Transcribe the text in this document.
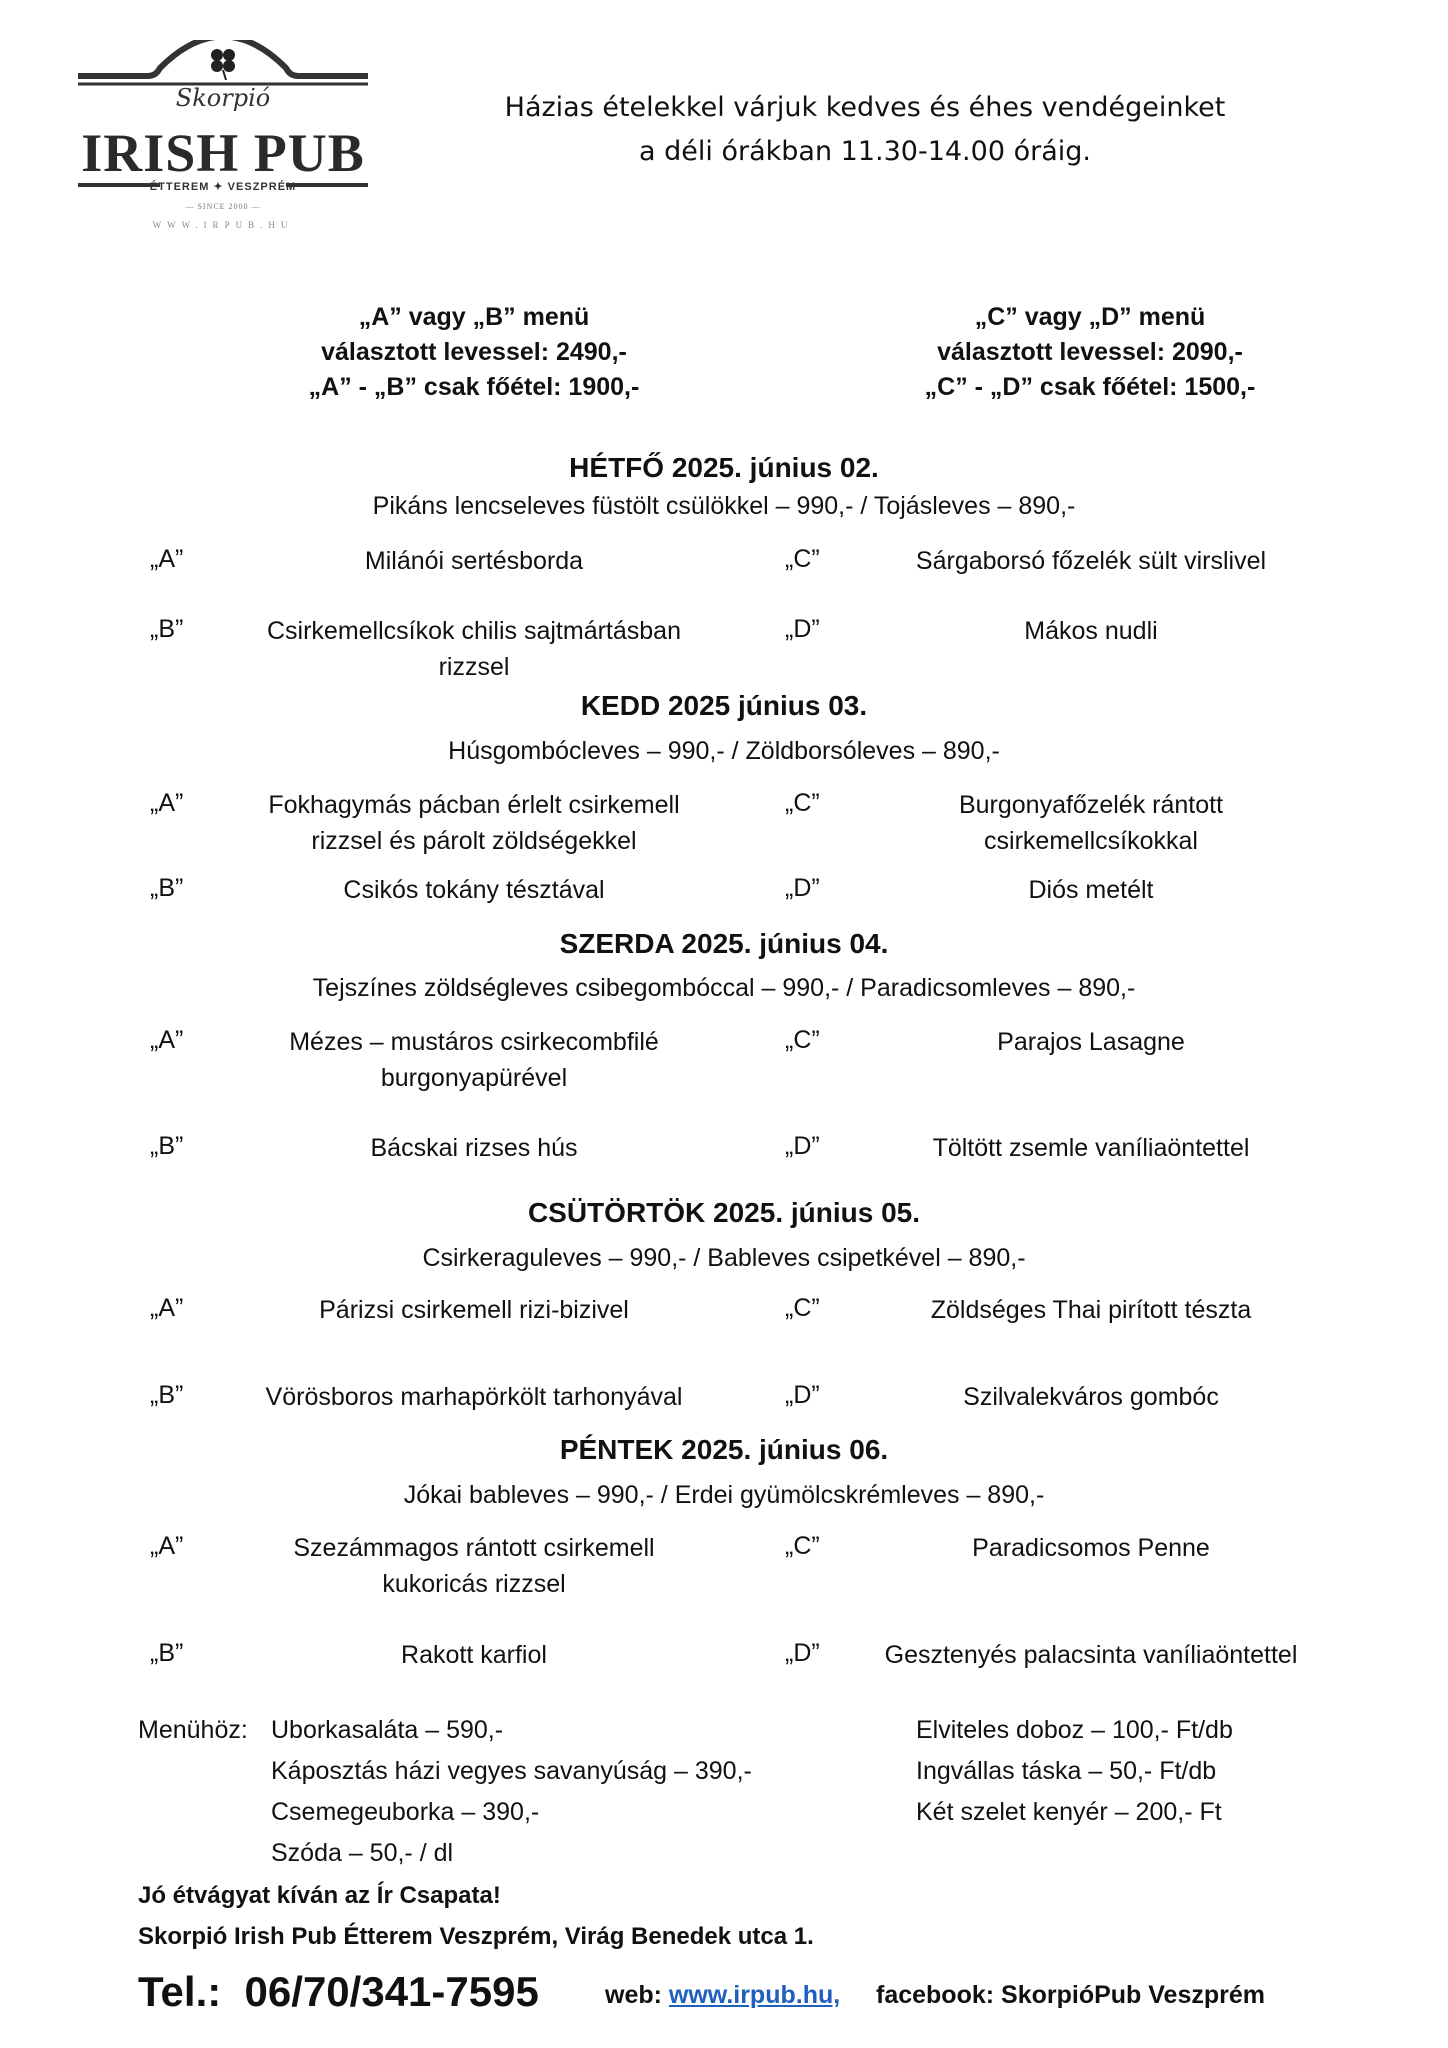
Skorpió
IRISH PUB
ÉTTEREM ✦ VESZPRÉM
— SINCE 2000 —
WWW.IRPUB.HU
Házias ételekkel várjuk kedves és éhes vendégeinket
a déli órákban 11.30-14.00 óráig.
„A” vagy „B” menü
választott levessel: 2490,-
„A” - „B” csak főétel: 1900,-
„C” vagy „D” menü
választott levessel: 2090,-
„C” - „D” csak főétel: 1500,-
HÉTFŐ 2025. június 02.
Pikáns lencseleves füstölt csülökkel – 990,- / Tojásleves – 890,-
„A”
„B”
„C”
„D”
Milánói sertésborda
Csirkemellcsíkok chilis sajtmártásban
rizzsel
Sárgaborsó főzelék sült virslivel
Mákos nudli
KEDD 2025 június 03.
Húsgombócleves – 990,- / Zöldborsóleves – 890,-
„A”
„B”
„C”
„D”
Fokhagymás pácban érlelt csirkemell
rizzsel és párolt zöldségekkel
Csikós tokány tésztával
Burgonyafőzelék rántott
csirkemellcsíkokkal
Diós metélt
SZERDA 2025. június 04.
Tejszínes zöldségleves csibegombóccal – 990,- / Paradicsomleves – 890,-
„A”
„B”
„C”
„D”
Mézes – mustáros csirkecombfilé
burgonyapürével
Bácskai rizses hús
Parajos Lasagne
Töltött zsemle vaníliaöntettel
CSÜTÖRTÖK 2025. június 05.
Csirkeraguleves – 990,- / Bableves csipetkével – 890,-
„A”
„B”
„C”
„D”
Párizsi csirkemell rizi-bizivel
Vörösboros marhapörkölt tarhonyával
Zöldséges Thai pirított tészta
Szilvalekváros gombóc
PÉNTEK 2025. június 06.
Jókai bableves – 990,- / Erdei gyümölcskrémleves – 890,-
„A”
„B”
„C”
„D”
Szezámmagos rántott csirkemell
kukoricás rizzsel
Rakott karfiol
Paradicsomos Penne
Gesztenyés palacsinta vaníliaöntettel
Menühöz: Uborkasaláta – 590,-
Káposztás házi vegyes savanyúság – 390,-
Csemegeuborka – 390,-
Szóda – 50,- / dl
Elviteles doboz – 100,- Ft/db
Ingvállas táska – 50,- Ft/db
Két szelet kenyér – 200,- Ft
Jó étvágyat kíván az Ír Csapata!
Skorpió Irish Pub Étterem Veszprém, Virág Benedek utca 1.
Tel.:  06/70/341-7595	web: www.irpub.hu, facebook: SkorpióPub Veszprém
